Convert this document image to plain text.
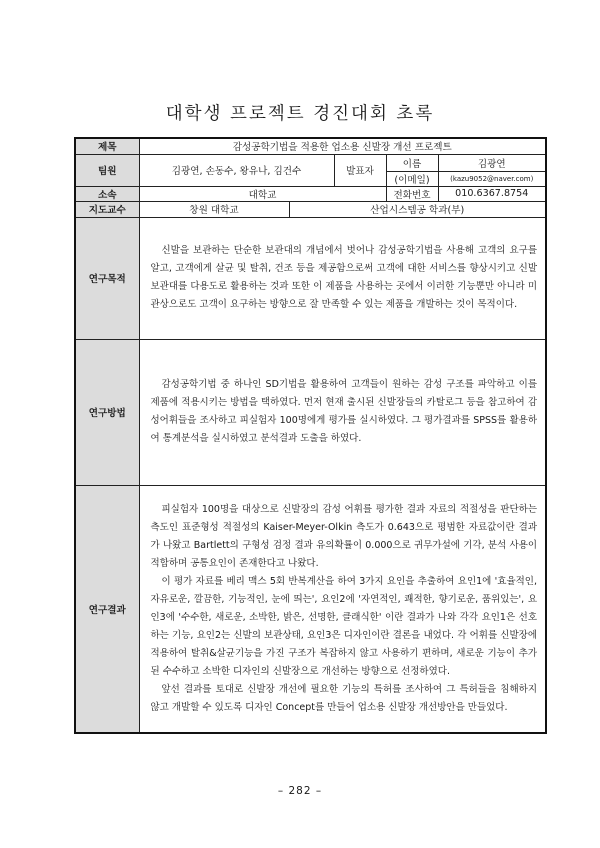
대학생 프로젝트 경진대회 초록
제목	감성공학기법을 적용한 업소용 신발장 개선 프로젝트				
팀원	김광연, 손동수, 왕유나, 김건수		발표자	이름	김광연
				(이메일)	(kazu9052@naver.com)
소속	대학교			전화번호	010.6367.8754
지도교수	창원 대학교	산업시스템공 학과(부)			
연구목적	신발을 보관하는 단순한 보관대의 개념에서 벗어나 감성공학기법을 사용해 고객의 요구를 알고, 고객에게 살균 및 탈취, 건조 등을 제공함으로써 고객에 대한 서비스를 향상시키고 신발보관대를 다용도로 활용하는 것과 또한 이 제품을 사용하는 곳에서 이러한 기능뿐만 아니라 미관상으로도 고객이 요구하는 방향으로 잘 만족할 수 있는 제품을 개발하는 것이 목적이다.				

연구방법	감성공학기법 중 하나인 SD기법을 활용하여 고객들이 원하는 감성 구조를 파악하고 이를 제품에 적용시키는 방법을 택하였다. 먼저 현재 출시된 신발장들의 카탈로그 등을 참고하여 감성어휘들을 조사하고 피실험자 100명에게 평가를 실시하였다. 그 평가결과를 SPSS를 활용하여 통계분석을 실시하였고 분석결과 도출을 하였다.				

연구결과	피실험자 100명을 대상으로 신발장의 감성 어휘를 평가한 결과 자료의 적절성을 판단하는 측도인 표준형성 적절성의 Kaiser-Meyer-Olkin 측도가 0.643으로 평범한 자료값이란 결과가 나왔고 Bartlett의 구형성 검정 결과 유의확률이 0.000으로 귀무가설에 기각, 분석 사용이 적합하며 공통요인이 존재한다고 나왔다.

이 평가 자료를 베리 맥스 5회 반복계산을 하여 3가지 요인을 추출하여 요인1에 '효율적인, 자유로운, 깔끔한, 기능적인, 눈에 띄는', 요인2에 '자연적인, 쾌적한, 향기로운, 품위있는', 요인3에 '수수한, 새로운, 소박한, 밝은, 선명한, 클래식한' 이란 결과가 나와 각각 요인1은 선호하는 기능, 요인2는 신발의 보관상태, 요인3은 디자인이란 결론을 내었다. 각 어휘를 신발장에 적용하여 탈취&살균기능을 가진 구조가 복잡하지 않고 사용하기 편하며, 새로운 기능이 추가된 수수하고 소박한 디자인의 신발장으로 개선하는 방향으로 선정하였다.

앞선 결과를 토대로 신발장 개선에 필요한 기능의 특허를 조사하여 그 특허들을 침해하지 않고 개발할 수 있도록 디자인 Concept를 만들어 업소용 신발장 개선방안을 만들었다.				

– 282 –
